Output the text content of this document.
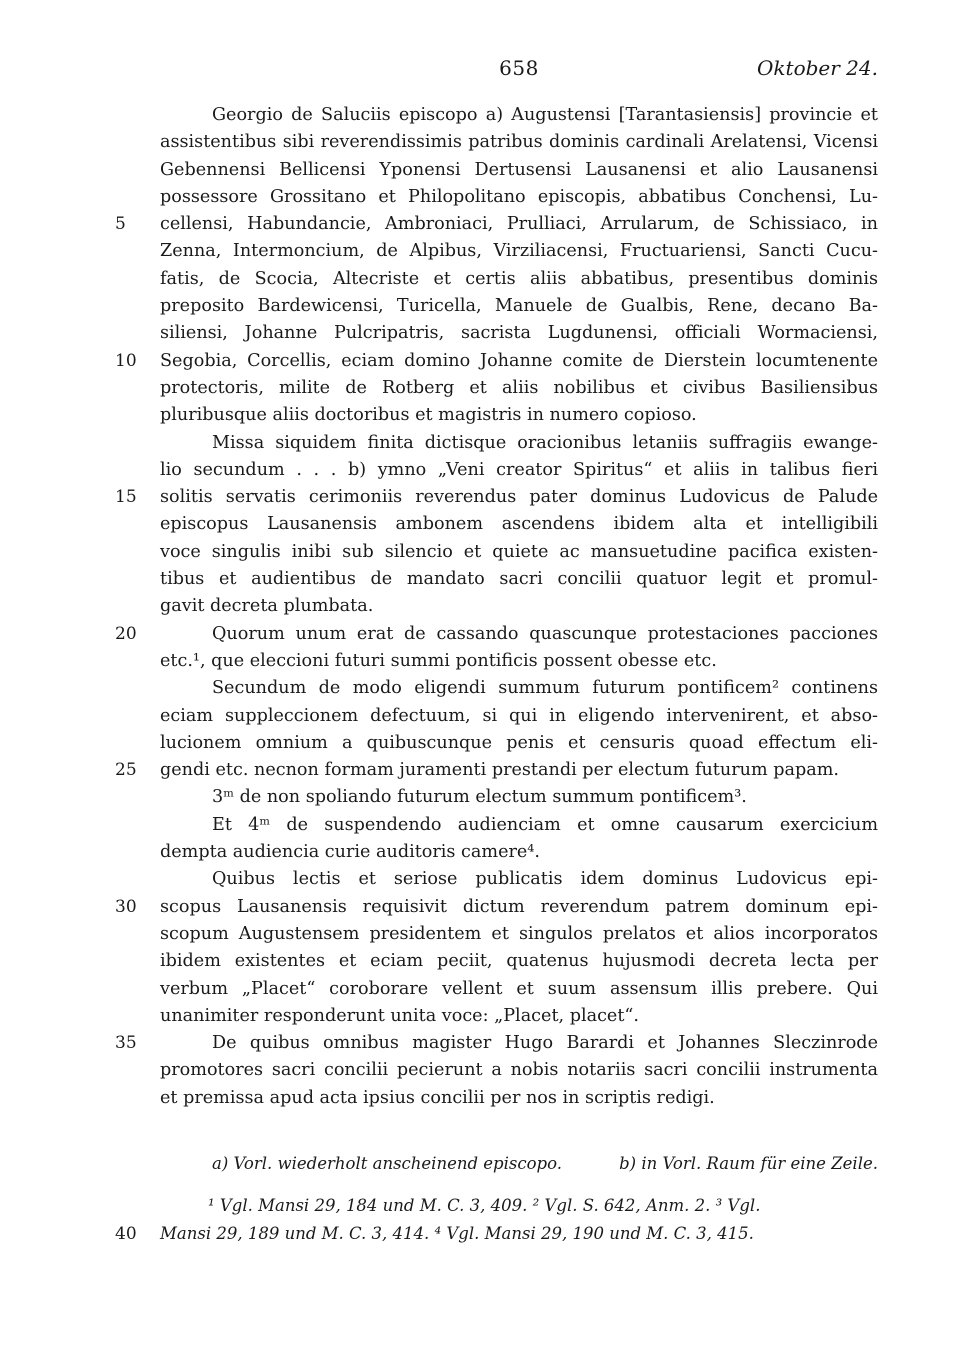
658	Oktober 24.
Georgio de Saluciis episcopo a) Augustensi [Tarantasiensis] provincie et
assistentibus sibi reverendissimis patribus dominis cardinali Arelatensi, Vicensi
Gebennensi Bellicensi Yponensi Dertusensi Lausanensi et alio Lausanensi
possessore Grossitano et Philopolitano episcopis, abbatibus Conchensi, Lu-
5	cellensi, Habundancie, Ambroniaci, Prulliaci, Arrularum, de Schissiaco, in
Zenna, Intermoncium, de Alpibus, Virziliacensi, Fructuariensi, Sancti Cucu-
fatis, de Scocia, Altecriste et certis aliis abbatibus, presentibus dominis
preposito Bardewicensi, Turicella, Manuele de Gualbis, Rene, decano Ba-
siliensi, Johanne Pulcripatris, sacrista Lugdunensi, officiali Wormaciensi,
10	Segobia, Corcellis, eciam domino Johanne comite de Dierstein locumtenente
protectoris, milite de Rotberg et aliis nobilibus et civibus Basiliensibus
pluribusque aliis doctoribus et magistris in numero copioso.
Missa siquidem finita dictisque oracionibus letaniis suffragiis ewange-
lio secundum . . . b) ymno „Veni creator Spiritus“ et aliis in talibus fieri
15	solitis servatis cerimoniis reverendus pater dominus Ludovicus de Palude
episcopus Lausanensis ambonem ascendens ibidem alta et intelligibili
voce singulis inibi sub silencio et quiete ac mansuetudine pacifica existen-
tibus et audientibus de mandato sacri concilii quatuor legit et promul-
gavit decreta plumbata.
20	Quorum unum erat de cassando quascunque protestaciones pacciones
etc.¹, que eleccioni futuri summi pontificis possent obesse etc.
Secundum de modo eligendi summum futurum pontificem² continens
eciam suppleccionem defectuum, si qui in eligendo intervenirent, et abso-
lucionem omnium a quibuscunque penis et censuris quoad effectum eli-
25	gendi etc. necnon formam juramenti prestandi per electum futurum papam.
3ᵐ de non spoliando futurum electum summum pontificem³.
Et 4ᵐ de suspendendo audienciam et omne causarum exercicium
dempta audiencia curie auditoris camere⁴.
Quibus lectis et seriose publicatis idem dominus Ludovicus epi-
30	scopus Lausanensis requisivit dictum reverendum patrem dominum epi-
scopum Augustensem presidentem et singulos prelatos et alios incorporatos
ibidem existentes et eciam peciit, quatenus hujusmodi decreta lecta per
verbum „Placet“ coroborare vellent et suum assensum illis prebere. Qui
unanimiter responderunt unita voce: „Placet, placet“.
35	De quibus omnibus magister Hugo Barardi et Johannes Sleczinrode
promotores sacri concilii pecierunt a nobis notariis sacri concilii instrumenta
et premissa apud acta ipsius concilii per nos in scriptis redigi.
a) Vorl. wiederholt anscheinend episcopo.	b) in Vorl. Raum für eine Zeile.
¹ Vgl. Mansi 29, 184 und M. C. 3, 409. ² Vgl. S. 642, Anm. 2. ³ Vgl.
40	Mansi 29, 189 und M. C. 3, 414. ⁴ Vgl. Mansi 29, 190 und M. C. 3, 415.
